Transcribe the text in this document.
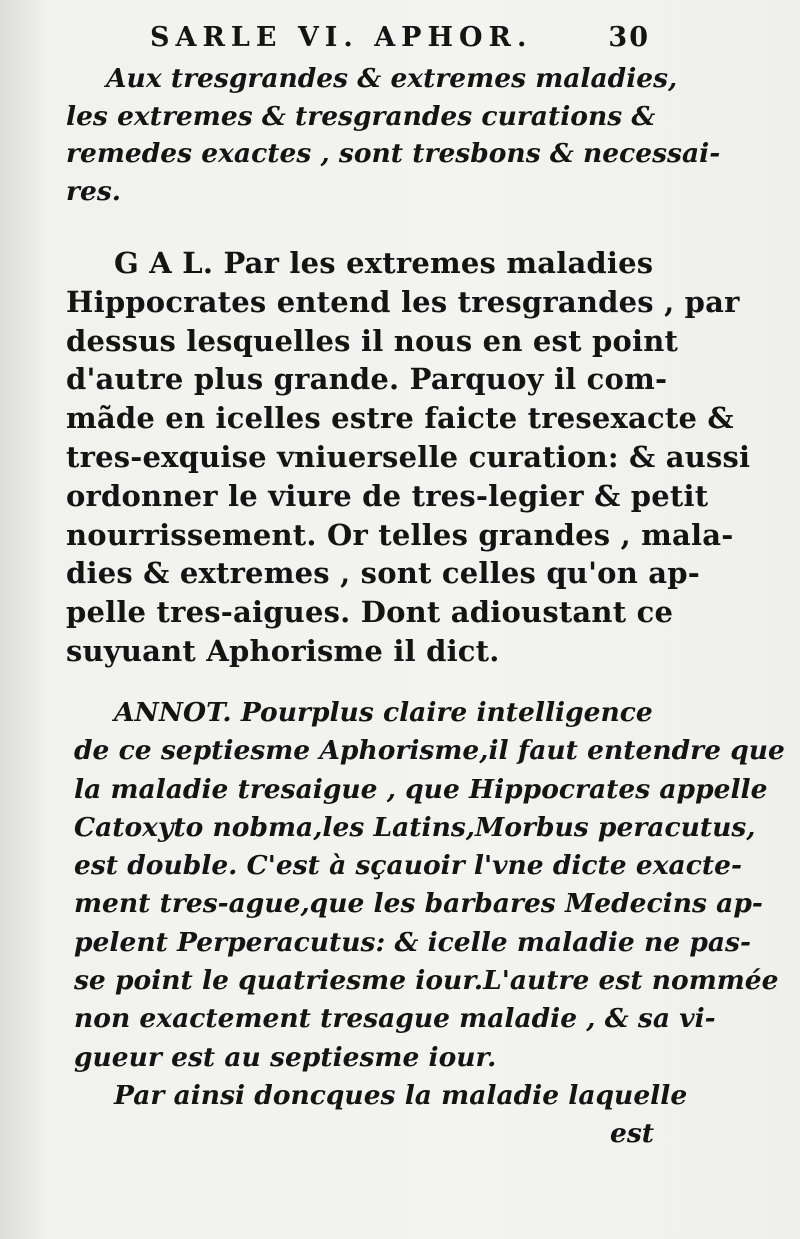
SARLE VI. APHOR.	30
Aux tresgrandes & extremes maladies,
les extremes & tresgrandes curations &
remedes exactes , sont tresbons & necessai-
res.
G A L. Par les extremes maladies
Hippocrates entend les tresgrandes , par
dessus lesquelles il nous en est point
d'autre plus grande. Parquoy il com-
mãde en icelles estre faicte tresexacte &
tres-exquise vniuerselle curation: & aussi
ordonner le viure de tres-legier & petit
nourrissement. Or telles grandes , mala-
dies & extremes , sont celles qu'on ap-
pelle tres-aigues. Dont adioustant ce
suyuant Aphorisme il dict.
ANNOT. Pourplus claire intelligence
de ce septiesme Aphorisme,il faut entendre que
la maladie tresaigue , que Hippocrates appelle
Catoxyto nobma,les Latins,Morbus peracutus,
est double. C'est à sçauoir l'vne dicte exacte-
ment tres-ague,que les barbares Medecins ap-
pelent Perperacutus: & icelle maladie ne pas-
se point le quatriesme iour.L'autre est nommée
non exactement tresague maladie , & sa vi-
gueur est au septiesme iour.
Par ainsi doncques la maladie laquelle
est
